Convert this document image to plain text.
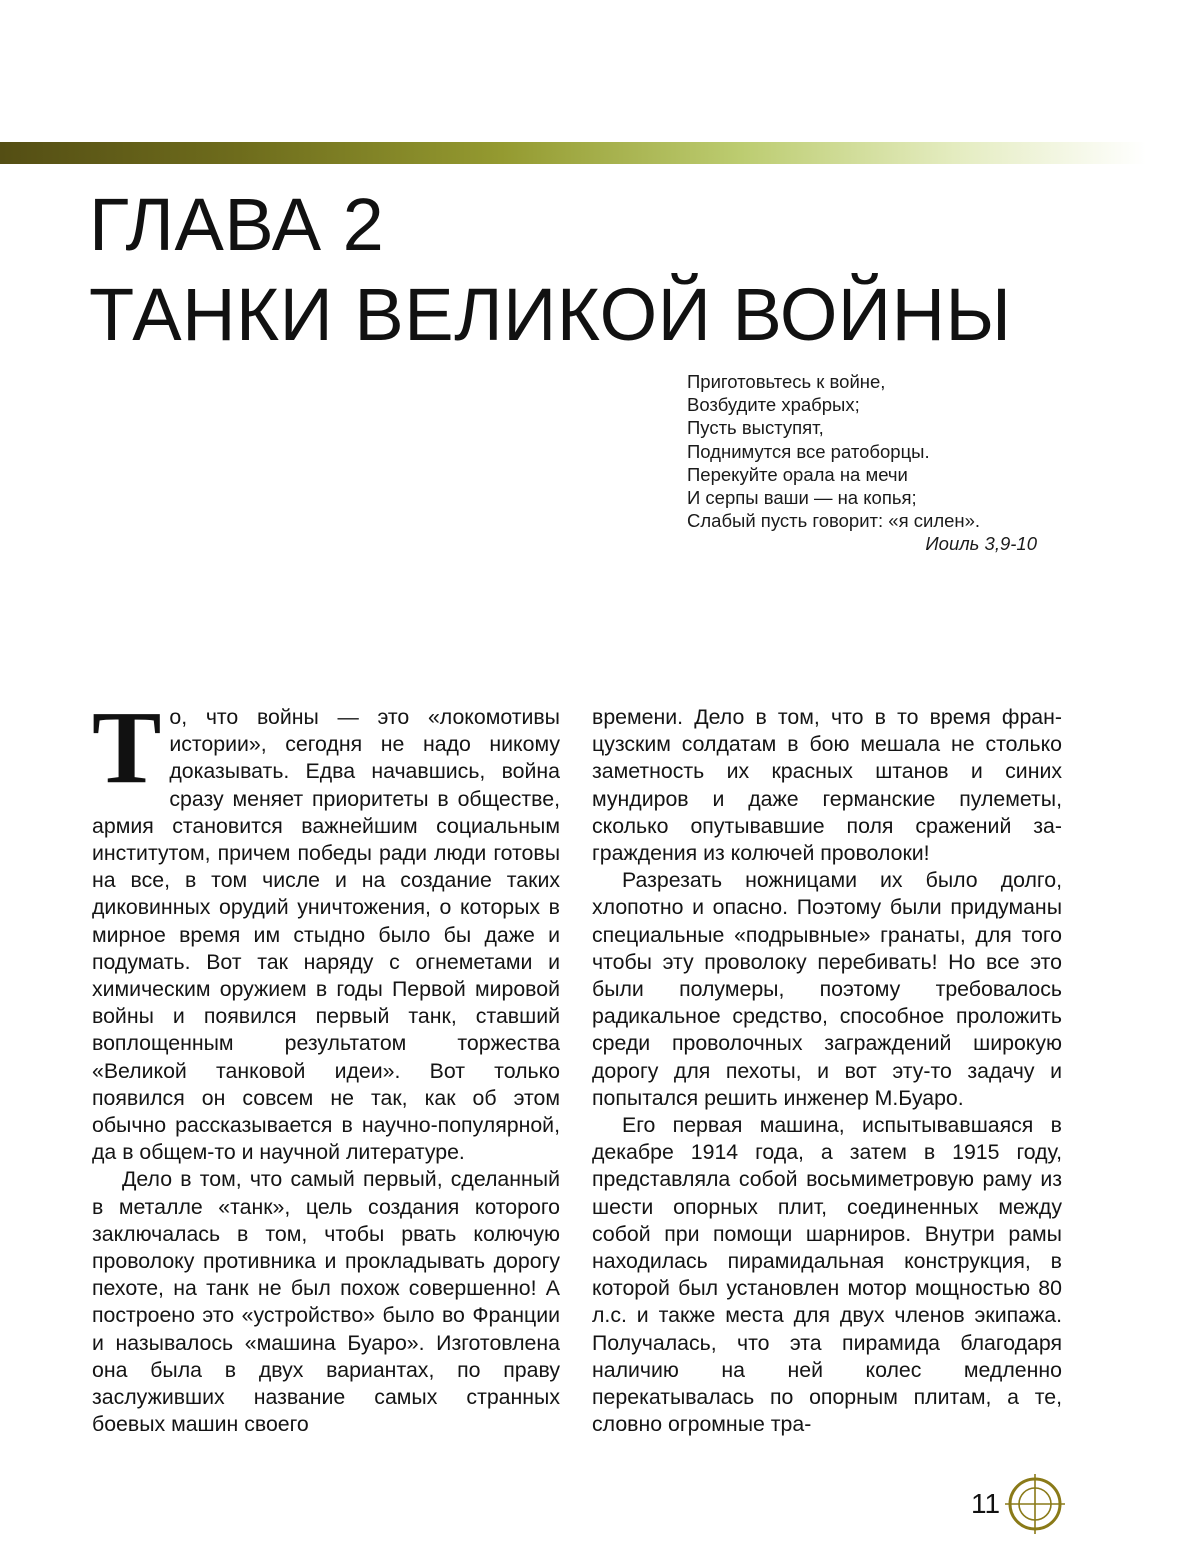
ГЛАВА 2
ТАНКИ ВЕЛИКОЙ ВОЙНЫ
Приготовьтесь к войне,
Возбудите храбрых;
Пусть выступят,
Поднимутся все ратоборцы.
Перекуйте орала на мечи
И серпы ваши — на копья;
Слабый пусть говорит: «я силен».
Иоиль 3,9-10

То, что войны — это «локомотивы истории», сегодня не надо никому доказывать. Едва начавшись, война сразу меняет приоритеты в обществе, армия становится важнейшим социальным институтом, причем победы ради люди готовы на все, в том числе и на создание таких диковинных орудий уничтожения, о которых в мирное время им стыдно было бы даже и подумать. Вот так наряду с огнеметами и химическим оружием в годы Первой мировой войны и появился первый танк, ставший воплощенным результатом торжества «Великой танковой идеи». Вот только появился он совсем не так, как об этом обычно рассказывается в научно-популярной, да в общем-то и научной литературе.

Дело в том, что самый первый, сделанный в металле «танк», цель создания которого заключалась в том, чтобы рвать колючую проволоку противника и прокладывать дорогу пехоте, на танк не был похож совершенно! А построено это «устройство» было во Франции и называлось «машина Буаро». Изготовлена она была в двух вариантах, по праву заслуживших название самых странных боевых машин своего

времени. Дело в том, что в то время французским солдатам в бою мешала не столько заметность их красных штанов и синих мундиров и даже германские пулеметы, сколько опутывавшие поля сражений заграждения из колючей проволоки!

Разрезать ножницами их было долго, хлопотно и опасно. Поэтому были придуманы специальные «подрывные» гранаты, для того чтобы эту проволоку перебивать! Но все это были полумеры, поэтому требовалось радикальное средство, способное проложить среди проволочных заграждений широкую дорогу для пехоты, и вот эту-то задачу и попытался решить инженер М.Буаро.

Его первая машина, испытывавшаяся в декабре 1914 года, а затем в 1915 году, представляла собой восьмиметровую раму из шести опорных плит, соединенных между собой при помощи шарниров. Внутри рамы находилась пирамидальная конструкция, в которой был установлен мотор мощностью 80 л.с. и также места для двух членов экипажа. Получалась, что эта пирамида благодаря наличию на ней колес медленно перекатывалась по опорным плитам, а те, словно огромные тра-

11
